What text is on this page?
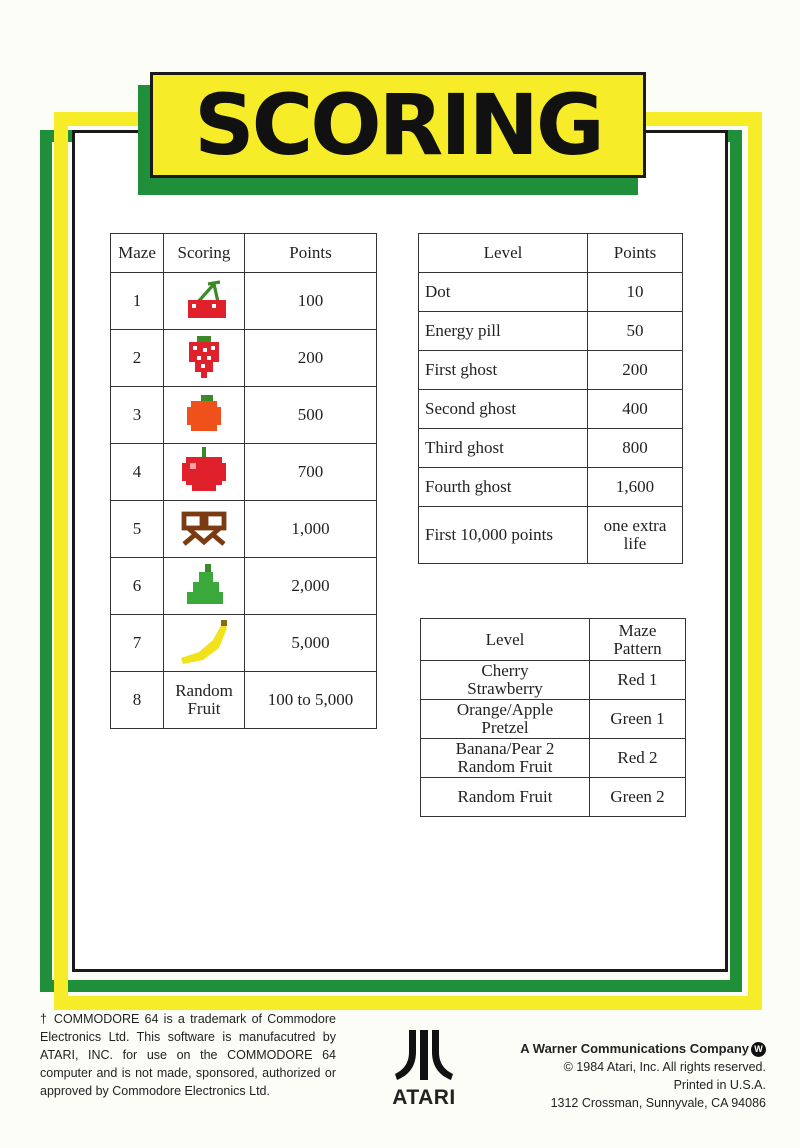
SCORING
Maze	Scoring	Points
1		100
2		200
3		500
4		700
5		1,000
6		2,000
7		5,000
8	Random Fruit	100 to 5,000
Level	Points
Dot	10
Energy pill	50
First ghost	200
Second ghost	400
Third ghost	800
Fourth ghost	1,600
First 10,000 points	one extra life
Level	Maze Pattern
Cherry Strawberry	Red 1
Orange/Apple Pretzel	Green 1
Banana/Pear 2 Random Fruit	Red 2
Random Fruit	Green 2
† COMMODORE 64 is a trademark of Commodore Electronics Ltd. This software is manufacutred by ATARI, INC. for use on the COMMODORE 64 computer and is not made, sponsored, authorized or approved by Commodore Electronics Ltd.	ATARI
A Warner Communications Company W
© 1984 Atari, Inc. All rights reserved.
Printed in U.S.A.
1312 Crossman, Sunnyvale, CA 94086
